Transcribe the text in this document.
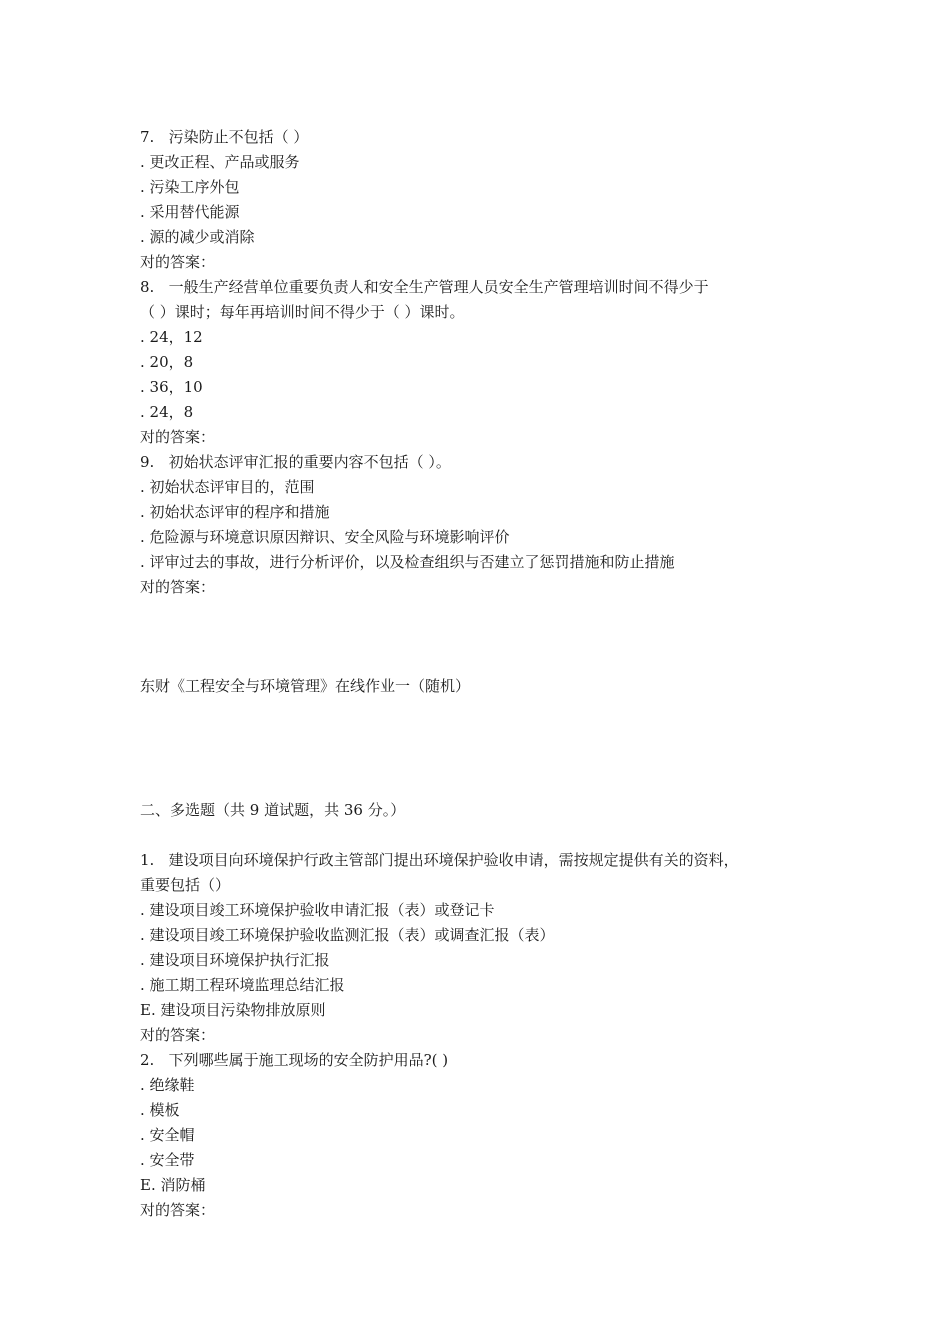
7.   污染防止不包括（ ）
. 更改正程、产品或服务
. 污染工序外包
. 采用替代能源
. 源的减少或消除
对的答案：
8.   一般生产经营单位重要负责人和安全生产管理人员安全生产管理培训时间不得少于
（ ）课时；每年再培训时间不得少于（ ）课时。
. 24，12
. 20，8
. 36，10
. 24，8
对的答案：
9.   初始状态评审汇报的重要内容不包括（ ）。
. 初始状态评审目的，范围
. 初始状态评审的程序和措施
. 危险源与环境意识原因辩识、安全风险与环境影响评价
. 评审过去的事故，进行分析评价，以及检查组织与否建立了惩罚措施和防止措施
对的答案：
东财《工程安全与环境管理》在线作业一（随机）
二、多选题（共 9 道试题，共 36 分。）
1.   建设项目向环境保护行政主管部门提出环境保护验收申请，需按规定提供有关的资料，
重要包括（）
. 建设项目竣工环境保护验收申请汇报（表）或登记卡
. 建设项目竣工环境保护验收监测汇报（表）或调查汇报（表）
. 建设项目环境保护执行汇报
. 施工期工程环境监理总结汇报
E. 建设项目污染物排放原则
对的答案：
2.   下列哪些属于施工现场的安全防护用品?( )
. 绝缘鞋
. 模板
. 安全帽
. 安全带
E. 消防桶
对的答案：
